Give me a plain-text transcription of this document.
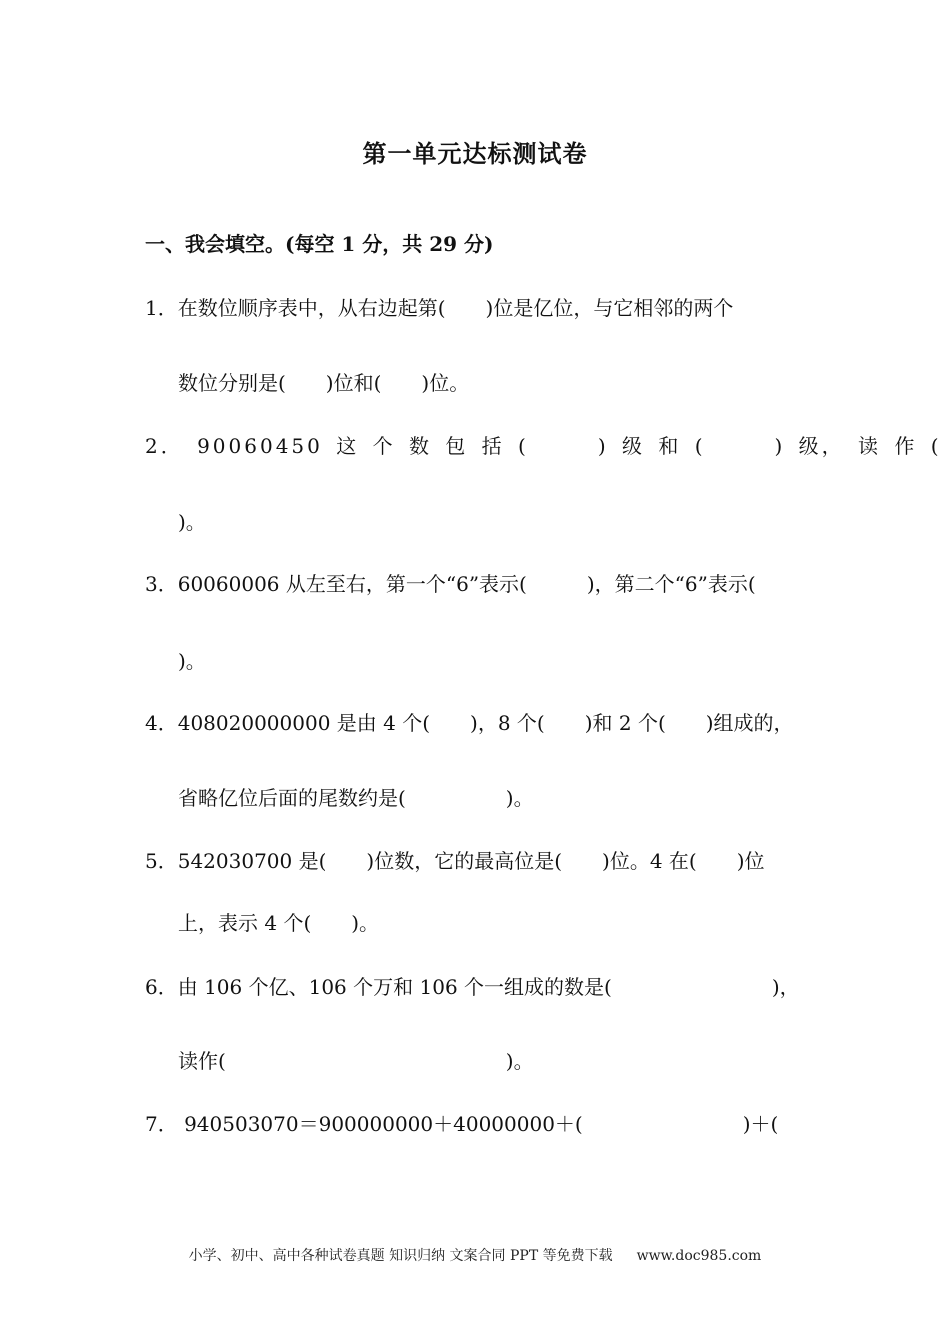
第一单元达标测试卷
一、我会填空。(每空 1 分，共 29 分)
1．在数位顺序表中，从右边起第(　　)位是亿位，与它相邻的两个
数位分别是(　　)位和(　　)位。
2． 90060450 这 个 数 包 括 (　　　) 级 和 (　　　) 级， 读 作 (
)。
3．60060006 从左至右，第一个“6”表示(　　　)，第二个“6”表示(
)。
4．408020000000 是由 4 个(　　)，8 个(　　)和 2 个(　　)组成的，
省略亿位后面的尾数约是(　　　　　)。
5．542030700 是(　　)位数，它的最高位是(　　)位。4 在(　　)位
上，表示 4 个(　　)。
6．由 106 个亿、106 个万和 106 个一组成的数是(　　　　　　　　)，
读作(　　　　　　　　　　　　　　)。
7． 940503070＝900000000＋40000000＋(　　　　　　　　)＋(
小学、初中、高中各种试卷真题 知识归纳 文案合同 PPT 等免费下载 www.doc985.com
